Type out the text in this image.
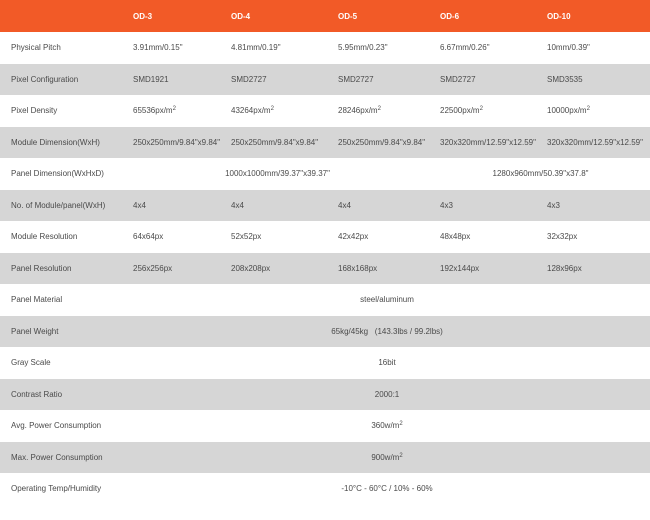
	OD-3	OD-4	OD-5	OD-6	OD-10
Physical Pitch	3.91mm/0.15"	4.81mm/0.19"	5.95mm/0.23"	6.67mm/0.26"	10mm/0.39"
Pixel Configuration	SMD1921	SMD2727	SMD2727	SMD2727	SMD3535
Pixel Density	$65536px/m^2$	$43264px/m^2$	$28246px/m^2$	$22500px/m^2$	$10000px/m^2$
Module Dimension(WxH)	250x250mm/9.84"x9.84"	250x250mm/9.84"x9.84"	250x250mm/9.84"x9.84"	320x320mm/12.59"x12.59"	320x320mm/12.59"x12.59"
Panel Dimension(WxHxD)	1000x1000mm/39.37"x39.37"			1280x960mm/50.39"x37.8"	
No. of Module/panel(WxH)	4x4	4x4	4x4	4x3	4x3
Module Resolution	64x64px	52x52px	42x42px	48x48px	32x32px
Panel Resolution	256x256px	208x208px	168x168px	192x144px	128x96px
Panel Material	steel/aluminum				
Panel Weight	65kg/45kg   (143.3lbs / 99.2lbs)				
Gray Scale	16bit				
Contrast Ratio	2000:1				
Avg. Power Consumption	$360w/m^2$
Max. Power Consumption	$900w/m^2$
Operating Temp/Humidity	-10°C - 60°C / 10% - 60%				
